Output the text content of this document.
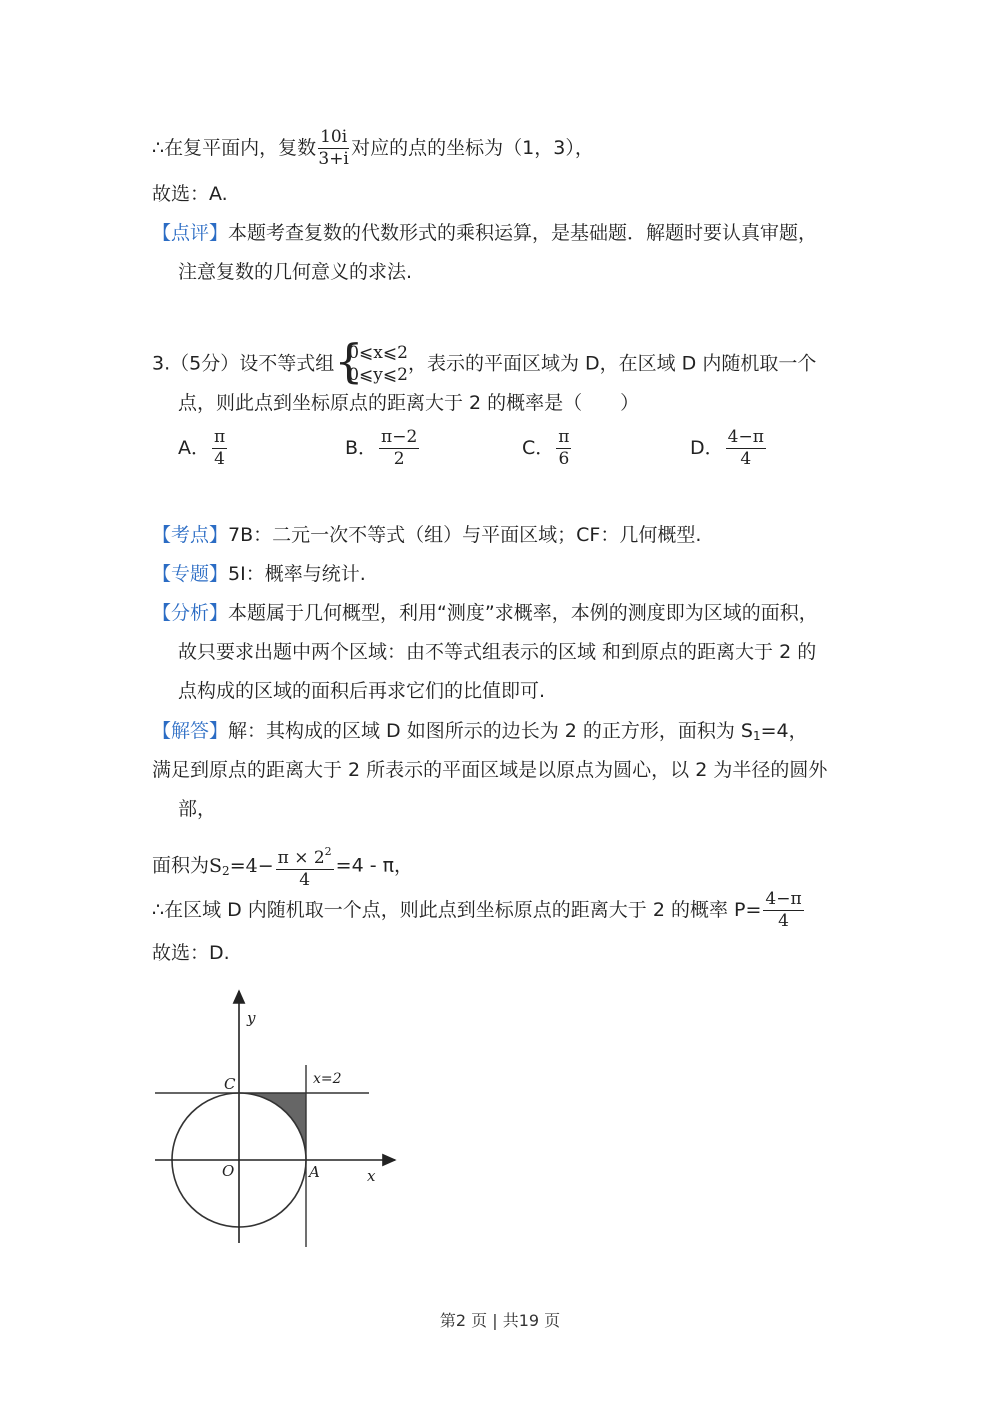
∴在复平面内，复数 $\frac{10i}{3+i}$ 对应的点的坐标为（1，3），
故选：A.
【点评】本题考查复数的代数形式的乘积运算，是基础题．解题时要认真审题，
注意复数的几何意义的求法.
3.（5分）设不等式组 {
0⩽x⩽2
0⩽y⩽2
，表示的平面区域为 D，在区域 D 内随机取一个
点，则此点到坐标原点的距离大于 2 的概率是（　　）
A． $\frac{\pi}{4}$	B． $\frac{\pi-2}{2}$	C． $\frac{\pi}{6}$	D． $\frac{4-\pi}{4}$
【考点】7B：二元一次不等式（组）与平面区域；CF：几何概型.
【专题】5I：概率与统计.
【分析】本题属于几何概型，利用“测度”求概率，本例的测度即为区域的面积，
故只要求出题中两个区域：由不等式组表示的区域 和到原点的距离大于 2 的
点构成的区域的面积后再求它们的比值即可.
【解答】解：其构成的区域 D 如图所示的边长为 2 的正方形，面积为 $S_1=4$，
满足到原点的距离大于 2 所表示的平面区域是以原点为圆心，以 2 为半径的圆外
部，
面积为$S_2=4- \frac{\pi \times 2^2}{4} =4 - \pi$，
∴在区域 D 内随机取一个点，则此点到坐标原点的距离大于 2 的概率 $P= \frac{4-\pi}{4}$
故选：D.
y
x
C
O	A
x=2
第2 页 | 共19 页
